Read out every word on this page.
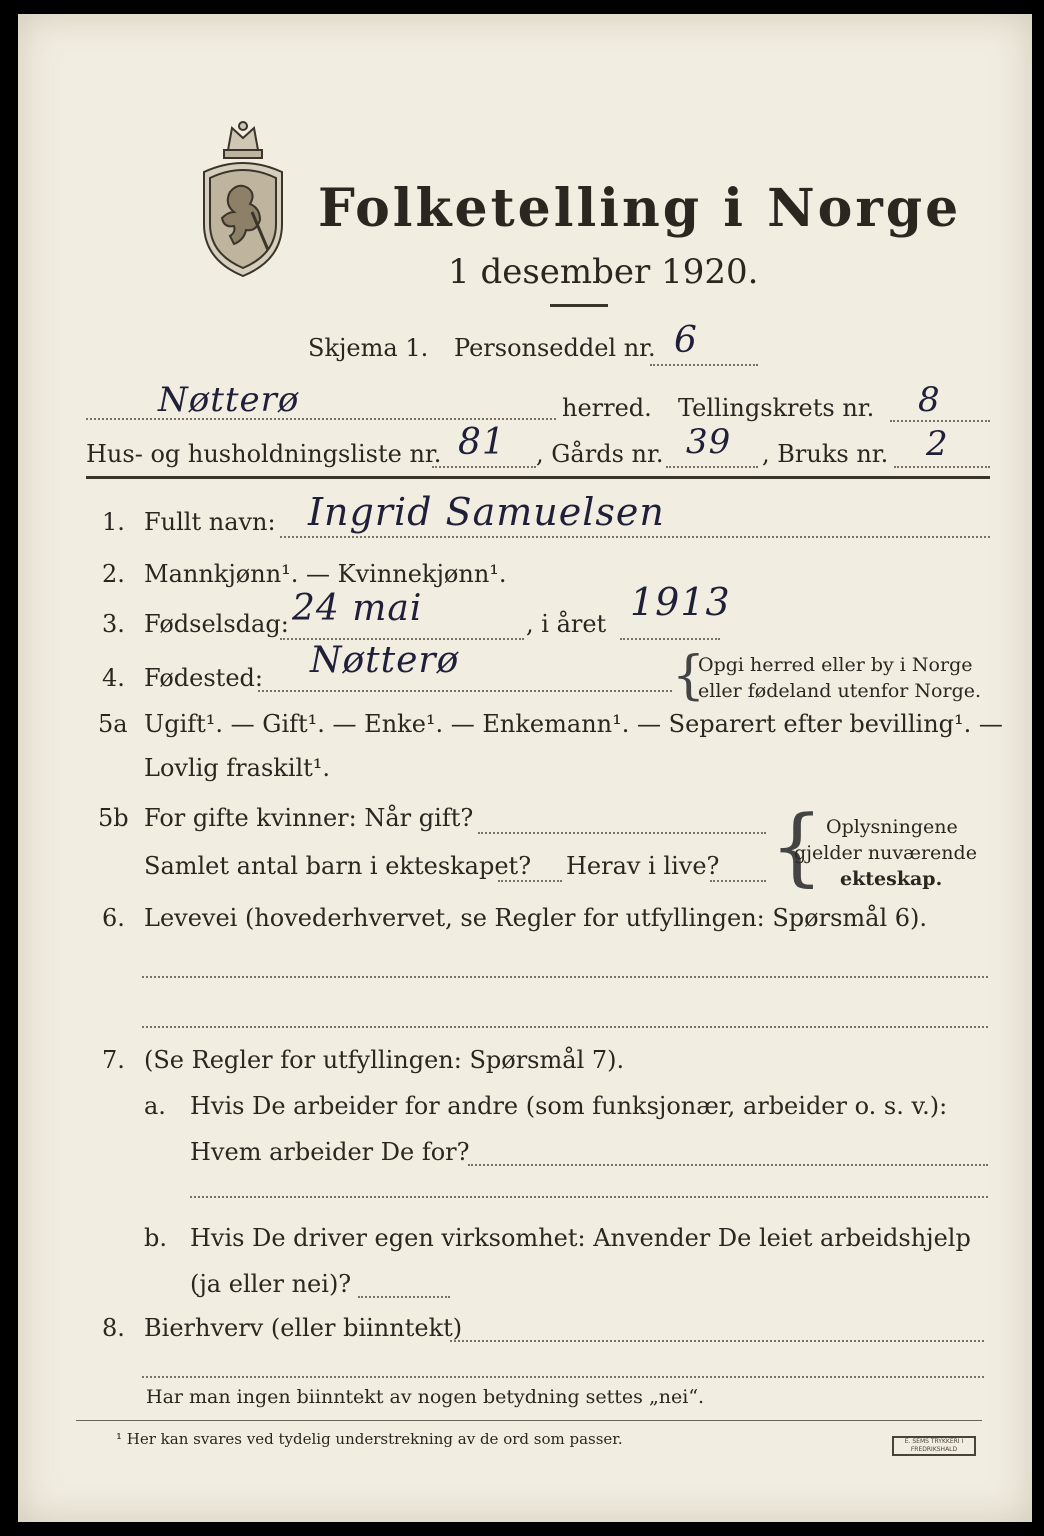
Folketelling i Norge
1 desember 1920.
Skjema 1. Personseddel nr. 6
Nøtterø	herred. Tellingskrets nr. 8
Hus- og husholdningsliste nr. 81 , Gårds nr. 39 , Bruks nr. 2
1. Fullt navn: Ingrid Samuelsen
2. Mannkjønn¹. — Kvinnekjønn¹.
3. Fødselsdag: 24 mai	, i året 1913
4. Fødested: Nøtterø	{
Opgi herred eller by i Norge
eller fødeland utenfor Norge.
5a Ugift¹. — Gift¹. — Enke¹. — Enkemann¹. — Separert efter bevilling¹. —
Lovlig fraskilt¹.
5b For gifte kvinner: Når gift?
Samlet antal barn i ekteskapet? Herav i live? { Oplysningene
gjelder nuværende
ekteskap.
6. Levevei (hovederhvervet, se Regler for utfyllingen: Spørsmål 6).
7. (Se Regler for utfyllingen: Spørsmål 7).
a. Hvis De arbeider for andre (som funksjonær, arbeider o. s. v.):
Hvem arbeider De for?
b. Hvis De driver egen virksomhet: Anvender De leiet arbeidshjelp
(ja eller nei)?
8. Bierhverv (eller biinntekt)
Har man ingen biinntekt av nogen betydning settes „nei“.
¹ Her kan svares ved tydelig understrekning av de ord som passer.	E. SEMS TRYKKERI I FREDRIKSHALD
